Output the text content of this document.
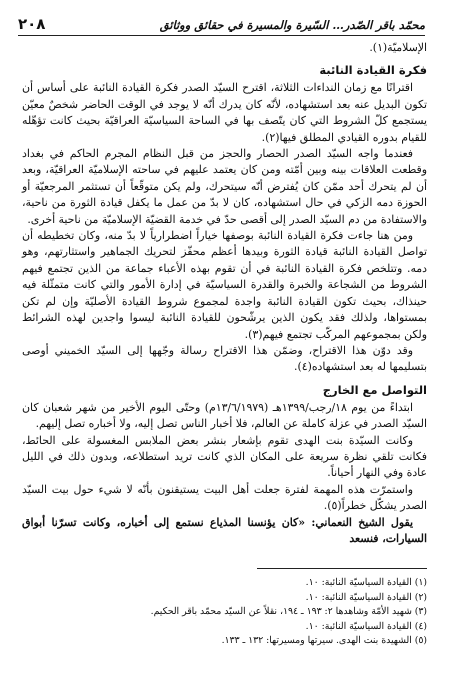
٢٠٨	محمّد باقر الصّدر… السّيرة والمسيرة في حقائق ووثائق

الإسلاميّة(١).

فكرة القيادة النائبة

اقترانًا مع زمان النداءات الثلاثة، اقترح السيّد الصدر فكرة القيادة النائبة على أساس أن تكون البديل عنه بعد استشهاده، لأنّه كان يدرك أنّه لا يوجد في الوقت الحاضر شخصٌ معيّن يستجمع كلّ الشروط التي كان يتّصف بها في الساحة السياسيّة العراقيّة بحيث كانت تؤهّله للقيام بدوره القيادي المطلق فيها(٢).

فعندما واجه السيّد الصدر الحصار والحجز من قبل النظام المجرم الحاكم في بغداد وقطعت العلاقات بينه وبين أمّته ومن كان يعتمد عليهم في ساحته الإسلاميّة العراقيّة، وبعد أن لم يتحرك أحد ممّن كان يُفترض أنّه سيتحرك، ولم يكن متوقّعاً أن تستثمر المرجعيّة أو الحوزة دمه الزكي في حال استشهاده، كان لا بدّ من عمل ما يكفل قيادة الثورة من ناحية، والاستفادة من دم السيّد الصدر إلى أقصى حدّ في خدمة القضيّة الإسلاميّة من ناحية أخرى.

ومن هنا جاءت فكرة القيادة النائبة بوصفها خياراً اضطرارياً لا بدّ منه، وكان تخطيطه أن تواصل القيادة النائبة قيادة الثورة وبيدها أعظم محفّز لتحريك الجماهير واستثارتهم، وهو دمه. وتتلخص فكرة القيادة النائبة في أن تقوم بهذه الأعباء جماعة من الذين تجتمع فيهم الشروط من الشجاعة والخبرة والقدرة السياسيّة في إدارة الأمور والتي كانت متمثّلة فيه حينذاك، بحيث تكون القيادة النائبة واجدة لمجموع شروط القيادة الأصليّة وإن لم تكن بمستواها، ولذلك فقد يكون الذين يرشّحون للقيادة النائبة ليسوا واجدين لهذه الشرائط ولكن بمجموعهم المركّب تجتمع فيهم(٣).

وقد دوّن هذا الاقتراح، وضمّن هذا الاقتراح رسالة وجّهها إلى السيّد الخميني أوصى بتسليمها له بعد استشهاده(٤).

التواصل مع الخارج

ابتداءً من يوم ١٨/رجب/١٣٩٩هـ (١٣/٦/١٩٧٩م) وحتّى اليوم الأخير من شهر شعبان كان السيّد الصدر في عزلة كاملة عن العالم، فلا أخبار الناس تصل إليه، ولا أخباره تصل إليهم.

وكانت السيّدة بنت الهدى تقوم بإشعار بنشر بعض الملابس المغسولة على الحائط، فكانت تلقي نظرة سريعة على المكان الذي كانت تريد استطلاعه، وبدون ذلك في الليل عادة وفي النهار أحياناً.

واستمرّت هذه المهمة لفترة جعلت أهل البيت يستيقنون بأنّه لا شيء حول بيت السيّد الصدر يشكّل خطراً(٥).

يقول الشيخ النعماني: «كان يؤنسنا المذياع نستمع إلى أخباره، وكانت تسرّنا أبواق السيارات، فنسعد

(١) القيادة السياسيّة النائبة: ١٠.
(٢) القيادة السياسيّة النائبة: ١٠.
(٣) شهيد الأمّة وشاهدها ٢: ١٩٣ ـ ١٩٤، نقلاً عن السيّد محمّد باقر الحكيم.
(٤) القيادة السياسيّة النائبة: ١٠.
(٥) الشهيدة بنت الهدى. سيرتها ومسيرتها: ١٣٢ ـ ١٣٣.
